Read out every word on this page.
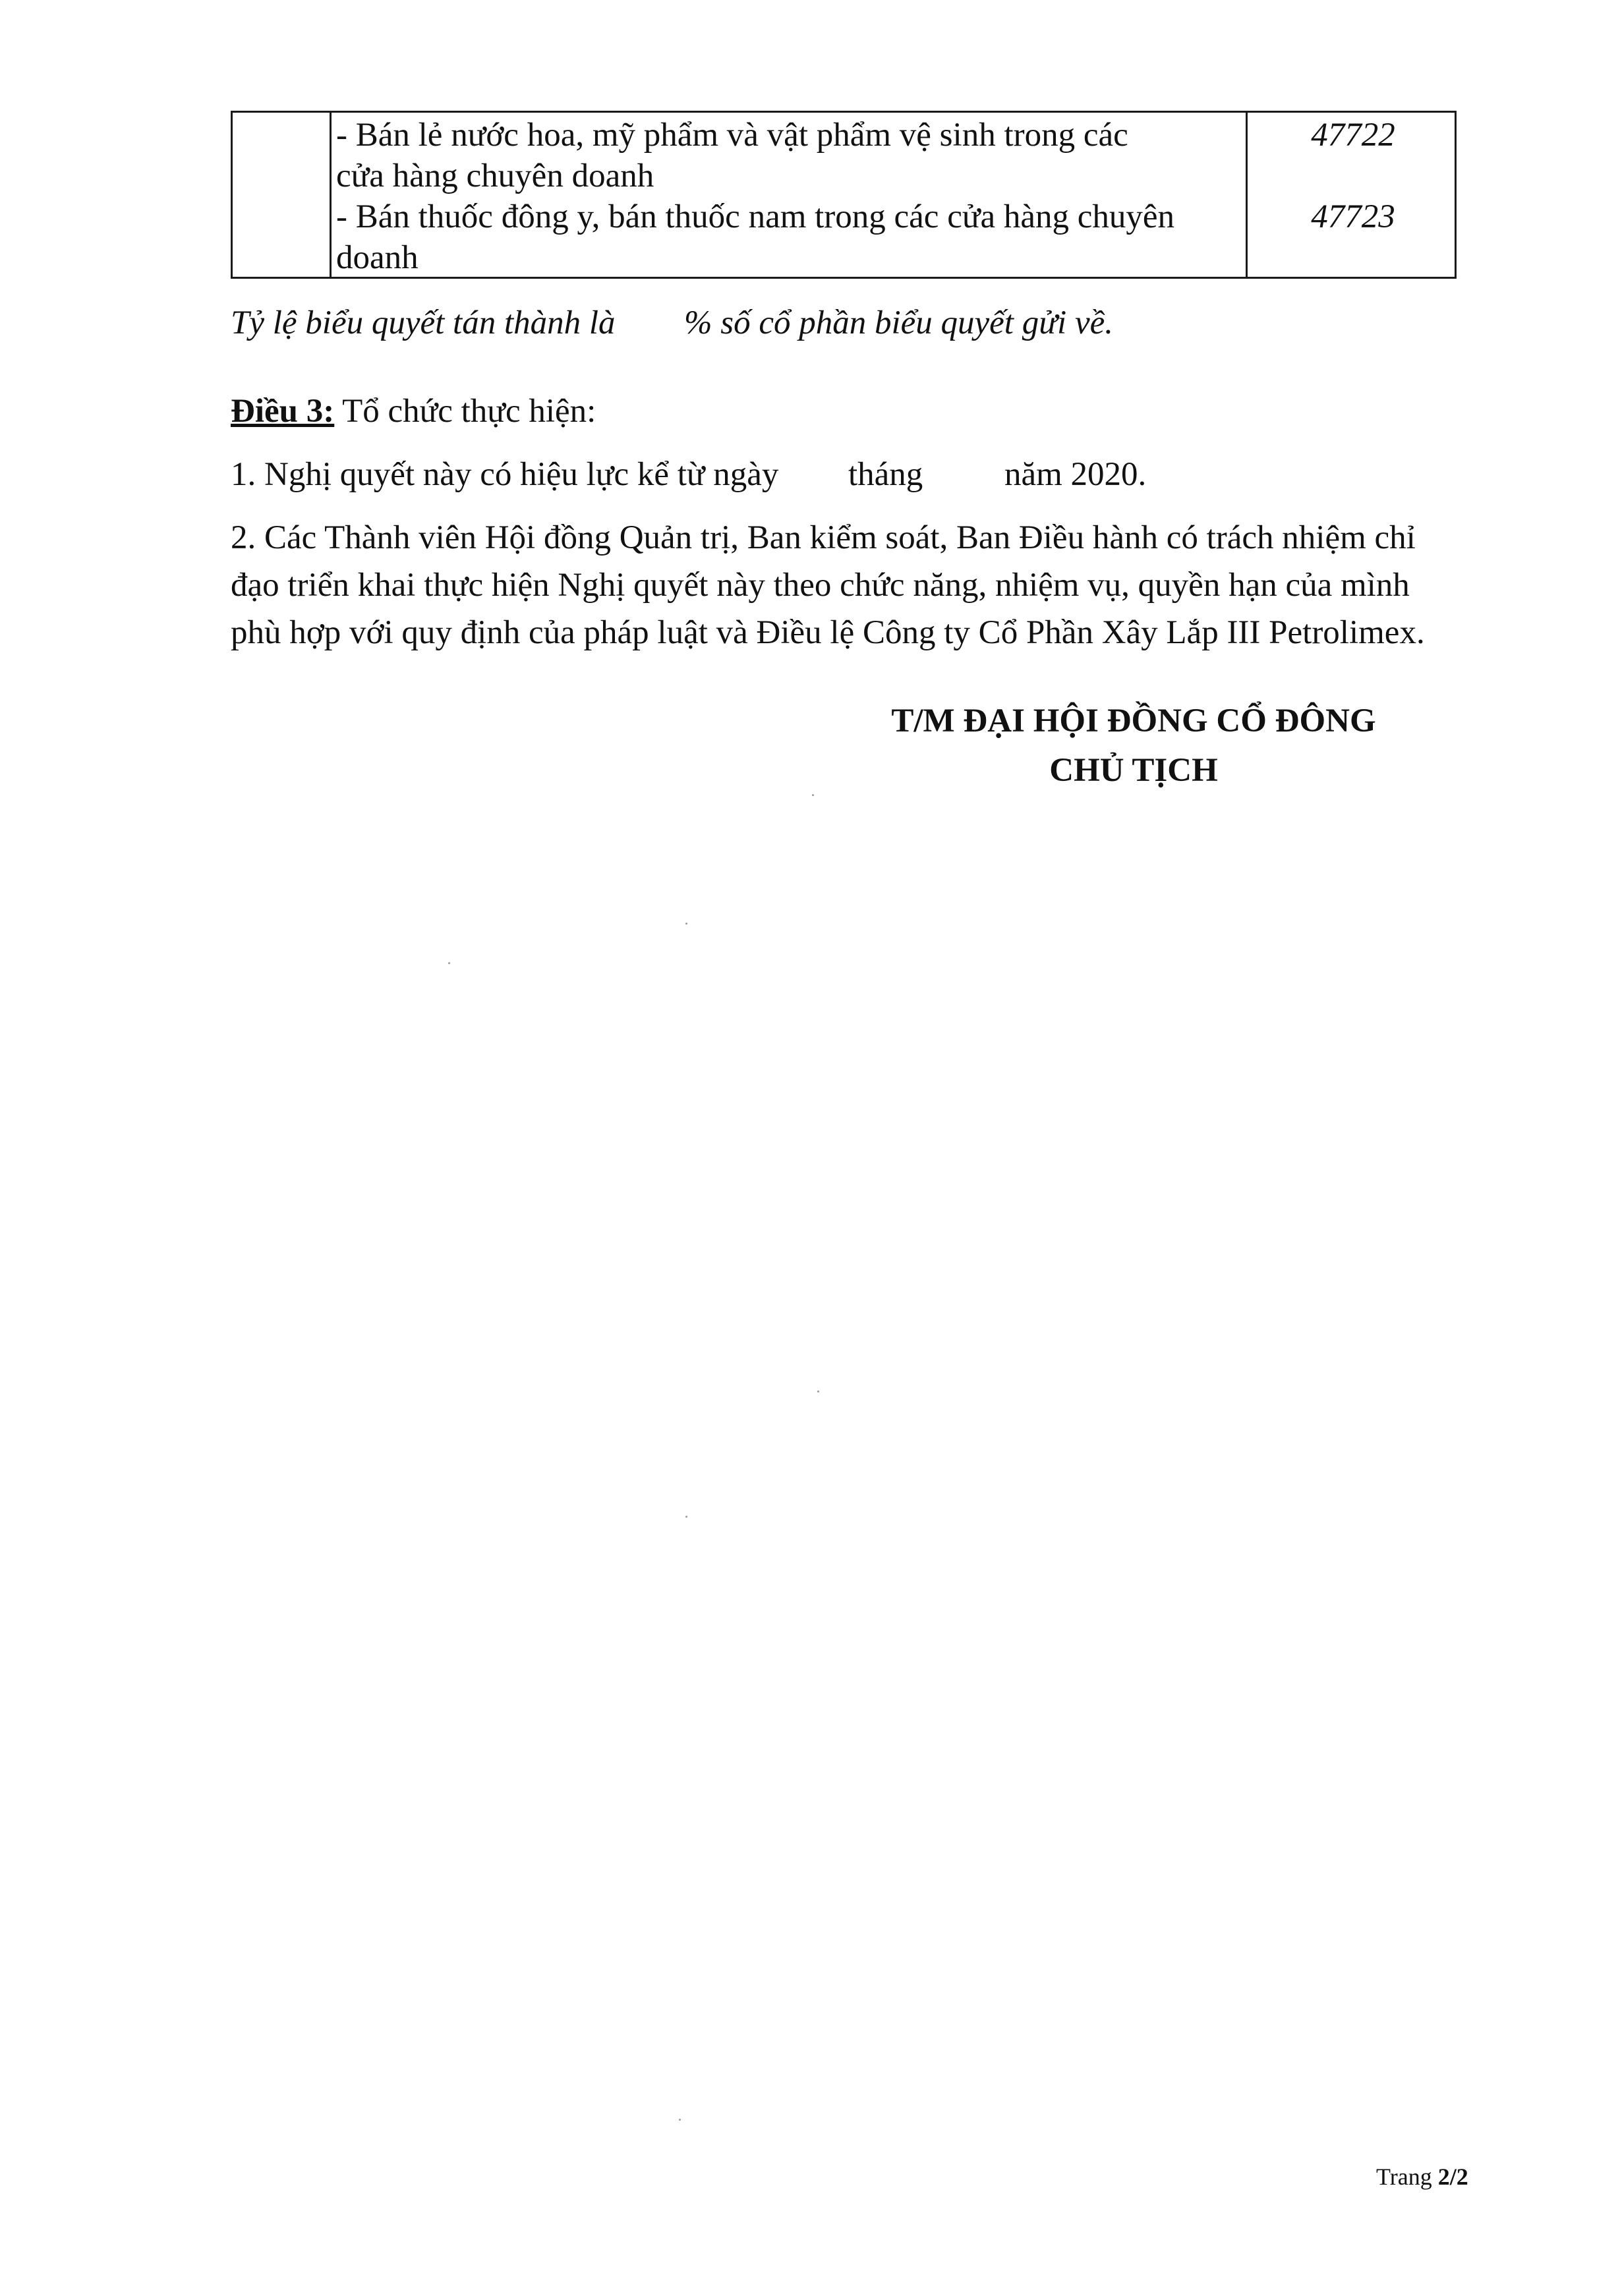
- Bán lẻ nước hoa, mỹ phẩm và vật phẩm vệ sinh trong các
cửa hàng chuyên doanh
47722
- Bán thuốc đông y, bán thuốc nam trong các cửa hàng chuyên
doanh
47723
Tỷ lệ biểu quyết tán thành là % số cổ phần biểu quyết gửi về.
Điều 3: Tổ chức thực hiện:
1. Nghị quyết này có hiệu lực kể từ ngày tháng năm 2020.
2. Các Thành viên Hội đồng Quản trị, Ban kiểm soát, Ban Điều hành có trách nhiệm chỉ
đạo triển khai thực hiện Nghị quyết này theo chức năng, nhiệm vụ, quyền hạn của mình
phù hợp với quy định của pháp luật và Điều lệ Công ty Cổ Phần Xây Lắp III Petrolimex.
T/M ĐẠI HỘI ĐỒNG CỔ ĐÔNG
CHỦ TỊCH
Trang 2/2
